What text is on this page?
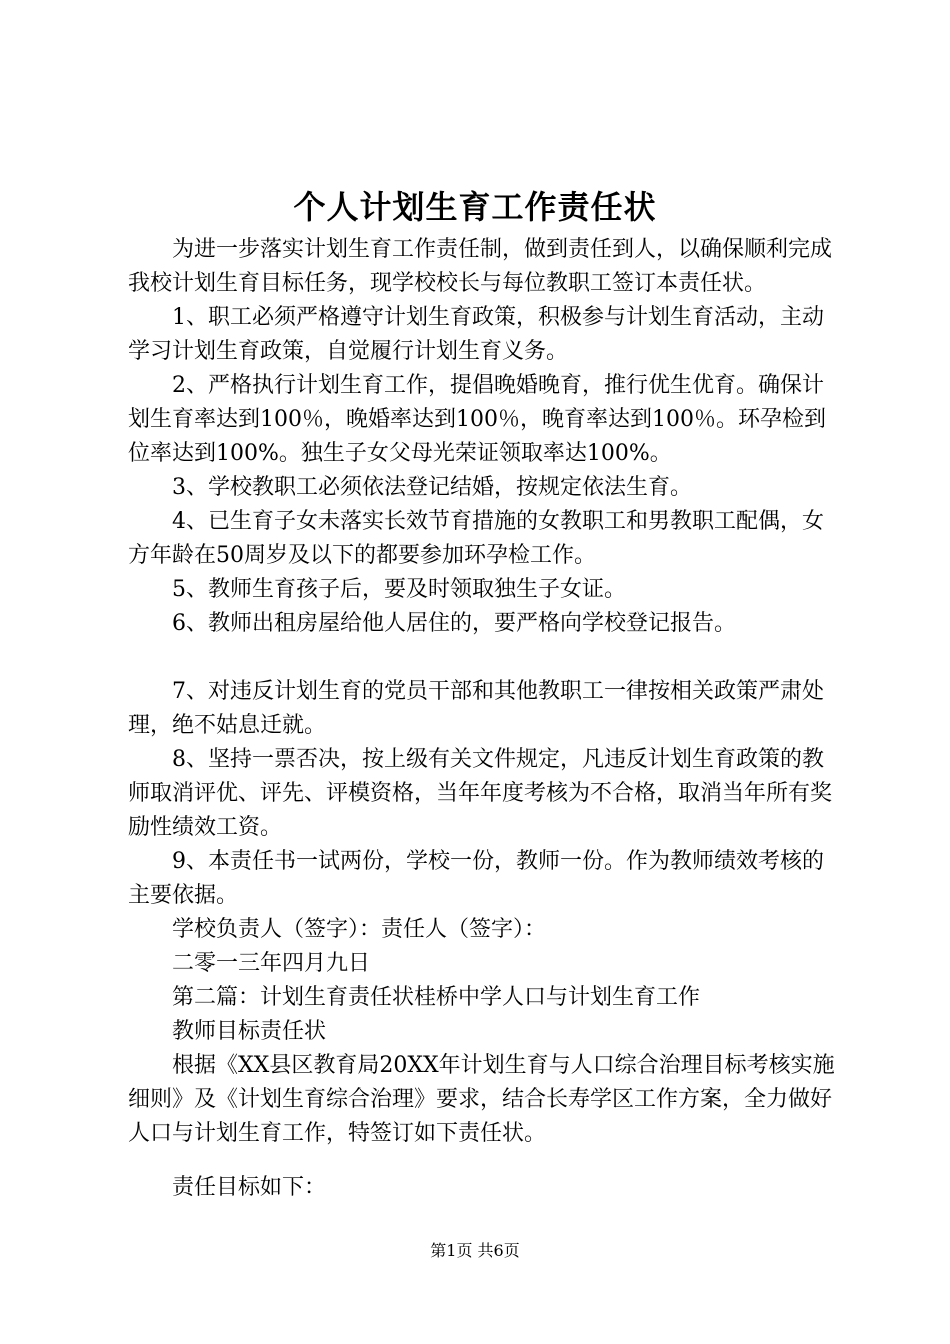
个人计划生育工作责任状

为进一步落实计划生育工作责任制，做到责任到人，以确保顺利完成我校计划生育目标任务，现学校校长与每位教职工签订本责任状。

1、职工必须严格遵守计划生育政策，积极参与计划生育活动，主动学习计划生育政策，自觉履行计划生育义务。

2、严格执行计划生育工作，提倡晚婚晚育，推行优生优育。确保计划生育率达到100％，晚婚率达到100％，晚育率达到100％。环孕检到位率达到100%。独生子女父母光荣证领取率达100%。

3、学校教职工必须依法登记结婚，按规定依法生育。

4、已生育子女未落实长效节育措施的女教职工和男教职工配偶，女方年龄在50周岁及以下的都要参加环孕检工作。

5、教师生育孩子后，要及时领取独生子女证。

6、教师出租房屋给他人居住的，要严格向学校登记报告。

7、对违反计划生育的党员干部和其他教职工一律按相关政策严肃处理，绝不姑息迁就。

8、坚持一票否决，按上级有关文件规定，凡违反计划生育政策的教师取消评优、评先、评模资格，当年年度考核为不合格，取消当年所有奖励性绩效工资。

9、本责任书一试两份，学校一份，教师一份。作为教师绩效考核的主要依据。

学校负责人（签字）：责任人（签字）：

二零一三年四月九日

第二篇：计划生育责任状桂桥中学人口与计划生育工作

教师目标责任状

根据《XX县区教育局20XX年计划生育与人口综合治理目标考核实施细则》及《计划生育综合治理》要求，结合长寿学区工作方案，全力做好人口与计划生育工作，特签订如下责任状。

责任目标如下：

第1页 共6页
